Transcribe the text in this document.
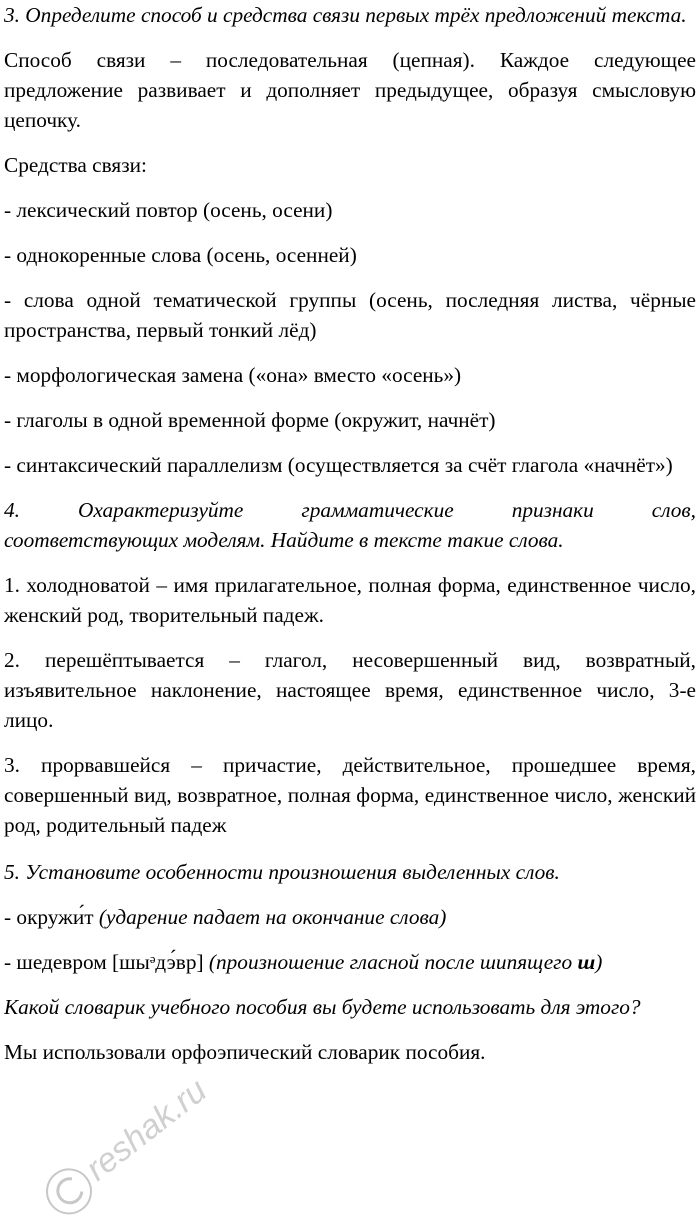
3. Определите способ и средства связи первых трёх предложений текста.

Способ связи – последовательная (цепная). Каждое следующее предложение развивает и дополняет предыдущее, образуя смысловую цепочку.

Средства связи:

- лексический повтор (осень, осени)

- однокоренные слова (осень, осенней)

- слова одной тематической группы (осень, последняя листва, чёрные пространства, первый тонкий лёд)

- морфологическая замена («она» вместо «осень»)

- глаголы в одной временной форме (окружит, начнёт)

- синтаксический параллелизм (осуществляется за счёт глагола «начнёт»)

4. Охарактеризуйте грамматические признаки слов,

соответствующих моделям. Найдите в тексте такие слова.

1. холодноватой – имя прилагательное, полная форма, единственное число, женский род, творительный падеж.

2. перешёптывается – глагол, несовершенный вид, возвратный, изъявительное наклонение, настоящее время, единственное число, 3-е лицо.

3. прорвавшейся – причастие, действительное, прошедшее время, совершенный вид, возвратное, полная форма, единственное число, женский род, родительный падеж

5. Установите особенности произношения выделенных слов.

- окружи́т (ударение падает на окончание слова)

- шедевром [шыᵊдэ́вр] (произношение гласной после шипящего ш)

Какой словарик учебного пособия вы будете использовать для этого?

Мы использовали орфоэпический словарик пособия.

reshak.ru
